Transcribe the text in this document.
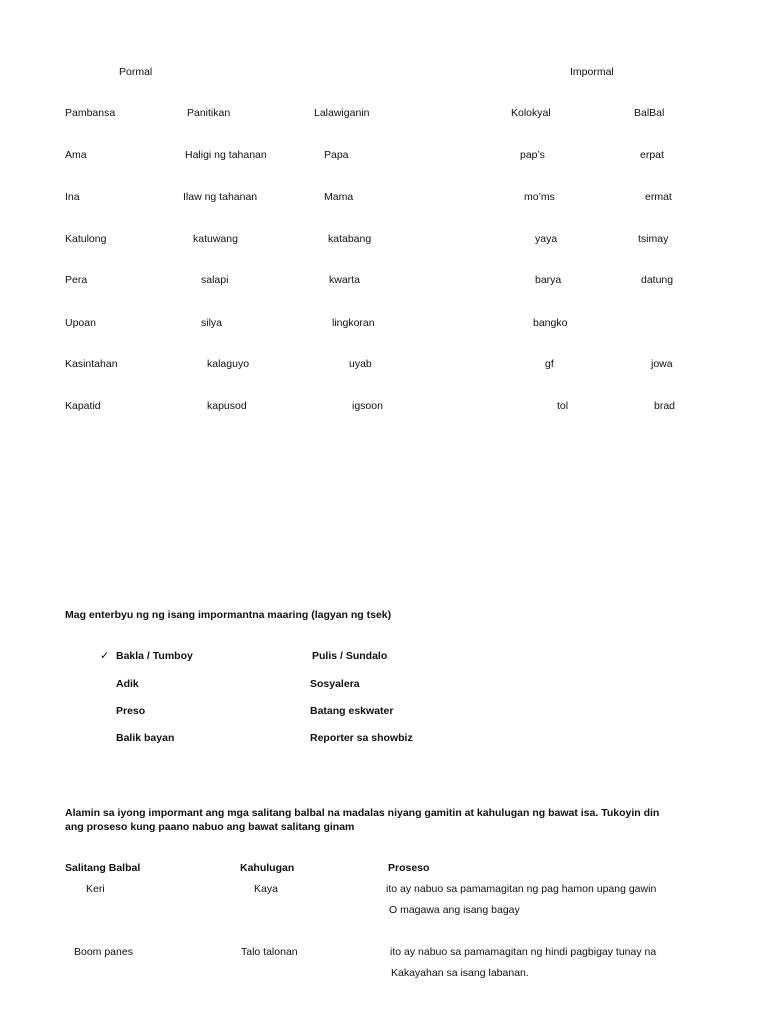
Pormal	Impormal
Pambansa	Panitikan	Lalawiganin	Kolokyal	BalBal
Ama	Haligi ng tahanan	Papa	pap’s	erpat
Ina	Ilaw ng tahanan	Mama	mo’ms	ermat
Katulong	katuwang	katabang	yaya	tsimay
Pera	salapi	kwarta	barya	datung
Upoan	silya	lingkoran	bangko
Kasintahan	kalaguyo	uyab	gf	jowa
Kapatid	kapusod	igsoon	tol	brad
Mag enterbyu ng ng isang impormantna maaring (lagyan ng tsek)
✓ Bakla / Tumboy
Adik
Preso
Balik bayan
Pulis / Sundalo
Sosyalera
Batang eskwater
Reporter sa showbiz
Alamin sa iyong impormant ang mga salitang balbal na madalas niyang gamitin at kahulugan ng bawat isa. Tukoyin din
ang proseso kung paano nabuo ang bawat salitang ginam
Salitang Balbal	Kahulugan	Proseso
Keri	Kaya	ito ay nabuo sa pamamagitan ng pag hamon upang gawin
O magawa ang isang bagay
Boom panes	Talo talonan	ito ay nabuo sa pamamagitan ng hindi pagbigay tunay na
Kakayahan sa isang labanan.
